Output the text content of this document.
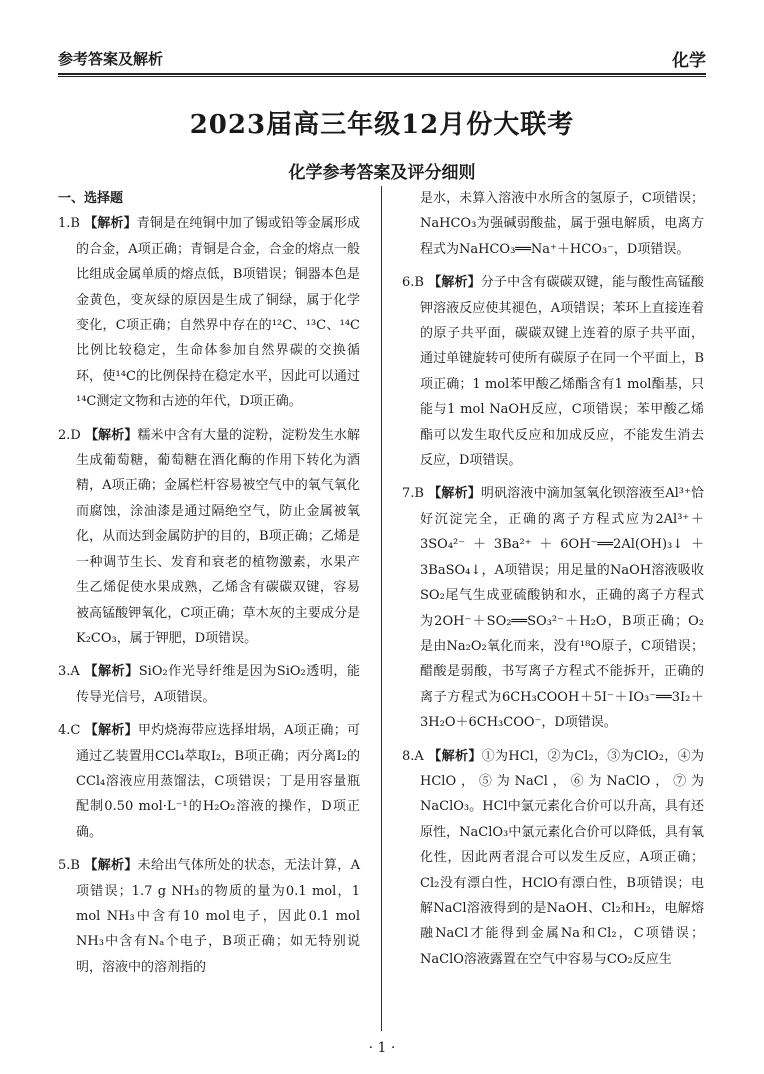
参考答案及解析	化学
2023届高三年级12月份大联考
化学参考答案及评分细则
一、选择题

1.B 【解析】青铜是在纯铜中加了锡或铅等金属形成的合金，A项正确；青铜是合金，合金的熔点一般比组成金属单质的熔点低，B项错误；铜器本色是金黄色，变灰绿的原因是生成了铜绿，属于化学变化，C项正确；自然界中存在的¹²C、¹³C、¹⁴C比例比较稳定，生命体参加自然界碳的交换循环，使¹⁴C的比例保持在稳定水平，因此可以通过¹⁴C测定文物和古迹的年代，D项正确。

2.D 【解析】糯米中含有大量的淀粉，淀粉发生水解生成葡萄糖，葡萄糖在酒化酶的作用下转化为酒精，A项正确；金属栏杆容易被空气中的氧气氧化而腐蚀，涂油漆是通过隔绝空气，防止金属被氧化，从而达到金属防护的目的，B项正确；乙烯是一种调节生长、发育和衰老的植物激素，水果产生乙烯促使水果成熟，乙烯含有碳碳双键，容易被高锰酸钾氧化，C项正确；草木灰的主要成分是K₂CO₃，属于钾肥，D项错误。

3.A 【解析】SiO₂作光导纤维是因为SiO₂透明，能传导光信号，A项错误。

4.C 【解析】甲灼烧海带应选择坩埚，A项正确；可通过乙装置用CCl₄萃取I₂，B项正确；丙分离I₂的CCl₄溶液应用蒸馏法，C项错误；丁是用容量瓶配制0.50 mol·L⁻¹的H₂O₂溶液的操作，D项正确。

5.B 【解析】未给出气体所处的状态，无法计算，A项错误；1.7 g NH₃的物质的量为0.1 mol，1 mol NH₃中含有10 mol电子，因此0.1 mol NH₃中含有Nₐ个电子，B项正确；如无特别说明，溶液中的溶剂指的

是水，未算入溶液中水所含的氢原子，C项错误；NaHCO₃为强碱弱酸盐，属于强电解质，电离方程式为NaHCO₃══Na⁺＋HCO₃⁻，D项错误。

6.B 【解析】分子中含有碳碳双键，能与酸性高锰酸钾溶液反应使其褪色，A项错误；苯环上直接连着的原子共平面，碳碳双键上连着的原子共平面，通过单键旋转可使所有碳原子在同一个平面上，B项正确；1 mol苯甲酸乙烯酯含有1 mol酯基，只能与1 mol NaOH反应，C项错误；苯甲酸乙烯酯可以发生取代反应和加成反应，不能发生消去反应，D项错误。

7.B 【解析】明矾溶液中滴加氢氧化钡溶液至Al³⁺恰好沉淀完全，正确的离子方程式应为2Al³⁺＋3SO₄²⁻＋3Ba²⁺＋6OH⁻══2Al(OH)₃↓＋3BaSO₄↓，A项错误；用足量的NaOH溶液吸收SO₂尾气生成亚硫酸钠和水，正确的离子方程式为2OH⁻＋SO₂══SO₃²⁻＋H₂O，B项正确；O₂是由Na₂O₂氧化而来，没有¹⁸O原子，C项错误；醋酸是弱酸，书写离子方程式不能拆开，正确的离子方程式为6CH₃COOH＋5I⁻＋IO₃⁻══3I₂＋3H₂O＋6CH₃COO⁻，D项错误。

8.A 【解析】①为HCl，②为Cl₂，③为ClO₂，④为HClO，⑤为NaCl，⑥为NaClO，⑦为NaClO₃。HCl中氯元素化合价可以升高，具有还原性，NaClO₃中氯元素化合价可以降低，具有氧化性，因此两者混合可以发生反应，A项正确；Cl₂没有漂白性，HClO有漂白性，B项错误；电解NaCl溶液得到的是NaOH、Cl₂和H₂，电解熔融NaCl才能得到金属Na和Cl₂，C项错误；NaClO溶液露置在空气中容易与CO₂反应生

· 1 ·
